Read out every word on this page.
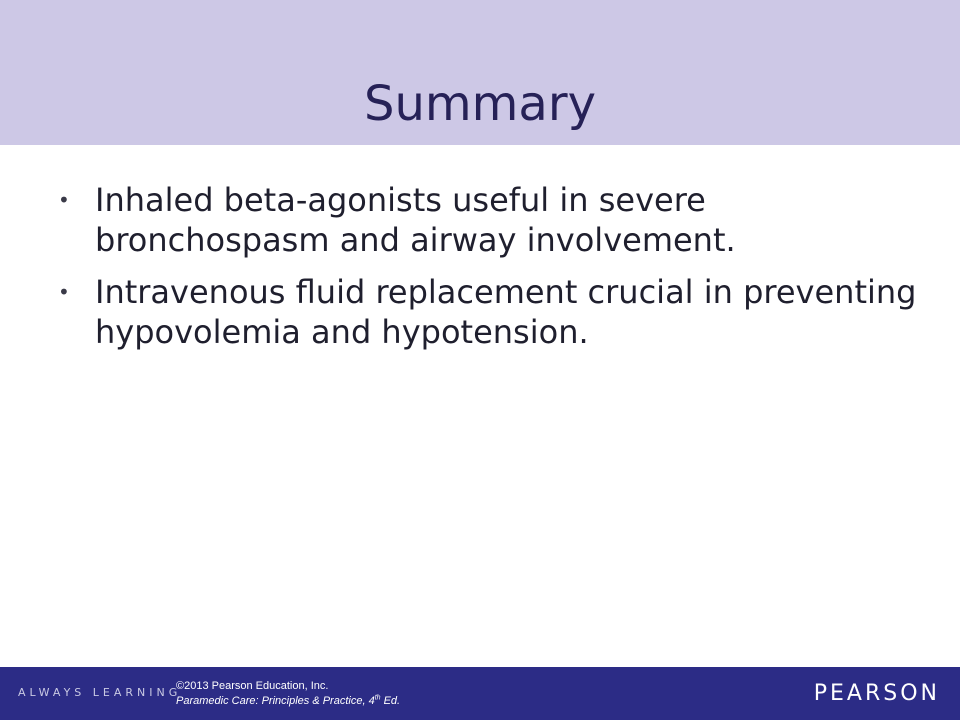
Summary
• Inhaled beta-agonists useful in severe bronchospasm and airway involvement.
• Intravenous fluid replacement crucial in preventing hypovolemia and hypotension.
ALWAYS LEARNING
©2013 Pearson Education, Inc.
Paramedic Care: Principles & Practice, 4th Ed.	PEARSON
